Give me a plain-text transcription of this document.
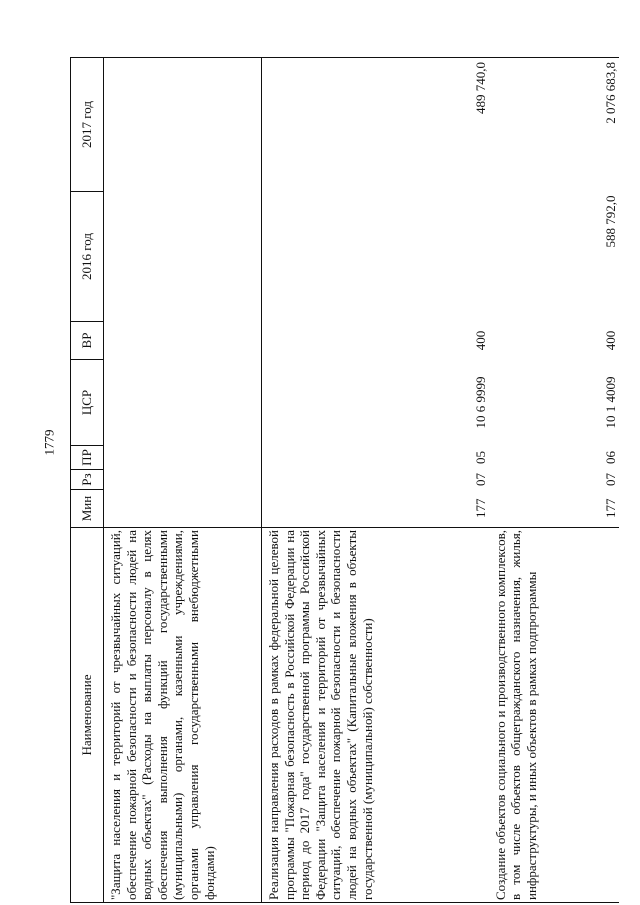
1779
Наименование	Мин	Рз	ПР	ЦСР	ВР	2016 год	2017 год
"Защита населения и территорий от чрезвычайных ситуаций, обеспечение пожарной безопасности и безопасности людей на водных объектах" (Расходы на выплаты персоналу в целях обеспечения выполнения функций государственными (муниципальными) органами, казенными учреждениями, органами управления государственными внебюджетными фондами)							
Реализация направления расходов в рамках федеральной целевой программы "Пожарная безопасность в Российской Федерации на период до 2017 года" государственной программы Российской Федерации "Защита населения и территорий от чрезвычайных ситуаций, обеспечение пожарной безопасности и безопасности людей на водных объектах" (Капитальные вложения в объекты государственной (муниципальной) собственности)	177	07	05	10 6 9999	400		489 740,0
Создание объектов социального и производственного комплексов, в том числе объектов общегражданского назначения, жилья, инфраструктуры, и иных объектов в рамках подпрограммы	177	07	06	10 1 4009	400	588 792,0	2 076 683,8
